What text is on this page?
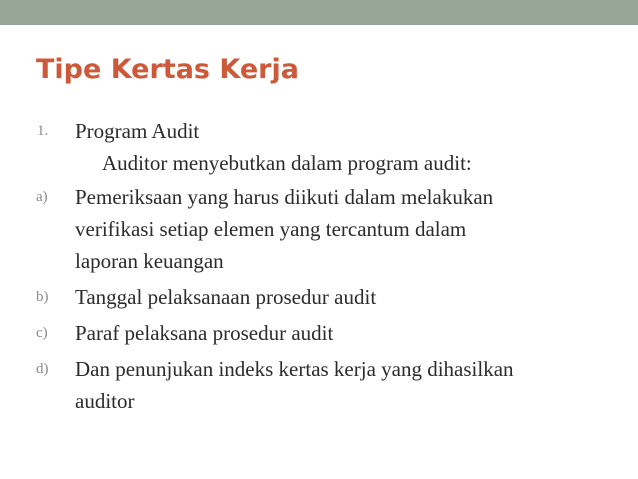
Tipe Kertas Kerja
1. Program Audit
Auditor menyebutkan dalam program audit:
a) Pemeriksaan yang harus diikuti dalam melakukan
verifikasi setiap elemen yang tercantum dalam
laporan keuangan
b) Tanggal pelaksanaan prosedur audit
c) Paraf pelaksana prosedur audit
d) Dan penunjukan indeks kertas kerja yang dihasilkan
auditor
